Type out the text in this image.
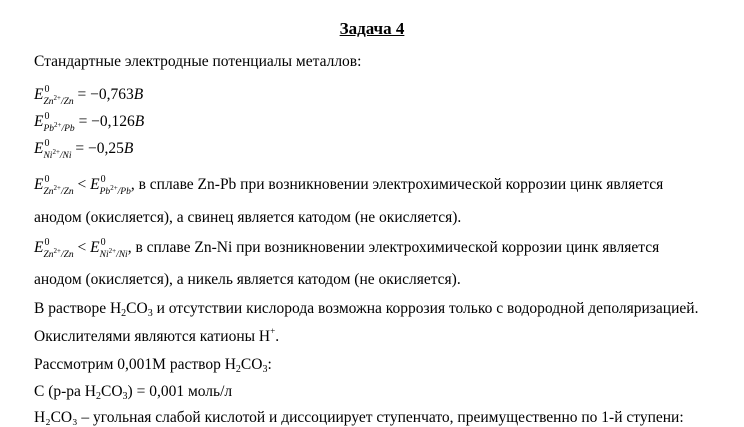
Задача 4
Стандартные электродные потенциалы металлов:
$E^0_{Zn^{2+}/Zn} = -0,763В$
$E^0_{Pb^{2+}/Pb} = -0,126В$
$E^0_{Ni^{2+}/Ni} = -0,25В$
$E^0_{Zn^{2+}/Zn} < E^0_{Pb^{2+}/Pb}$, в сплаве Zn-Pb при возникновении электрохимической коррозии цинк является
анодом (окисляется), а свинец является катодом (не окисляется).
$E^0_{Zn^{2+}/Zn} < E^0_{Ni^{2+}/Ni}$, в сплаве Zn-Ni при возникновении электрохимической коррозии цинк является
анодом (окисляется), а никель является катодом (не окисляется).
В растворе $H_2CO_3$ и отсутствии кислорода возможна коррозия только с водородной деполяризацией.
Окислителями являются катионы H+.
Рассмотрим 0,001М раствор $H_2CO_3$:
C (р-ра $H_2CO_3) = 0,001$ моль/л
H₂CO₃ – угольная слабой кислотой и диссоциирует ступенчато, преимущественно по 1-й ступени:
